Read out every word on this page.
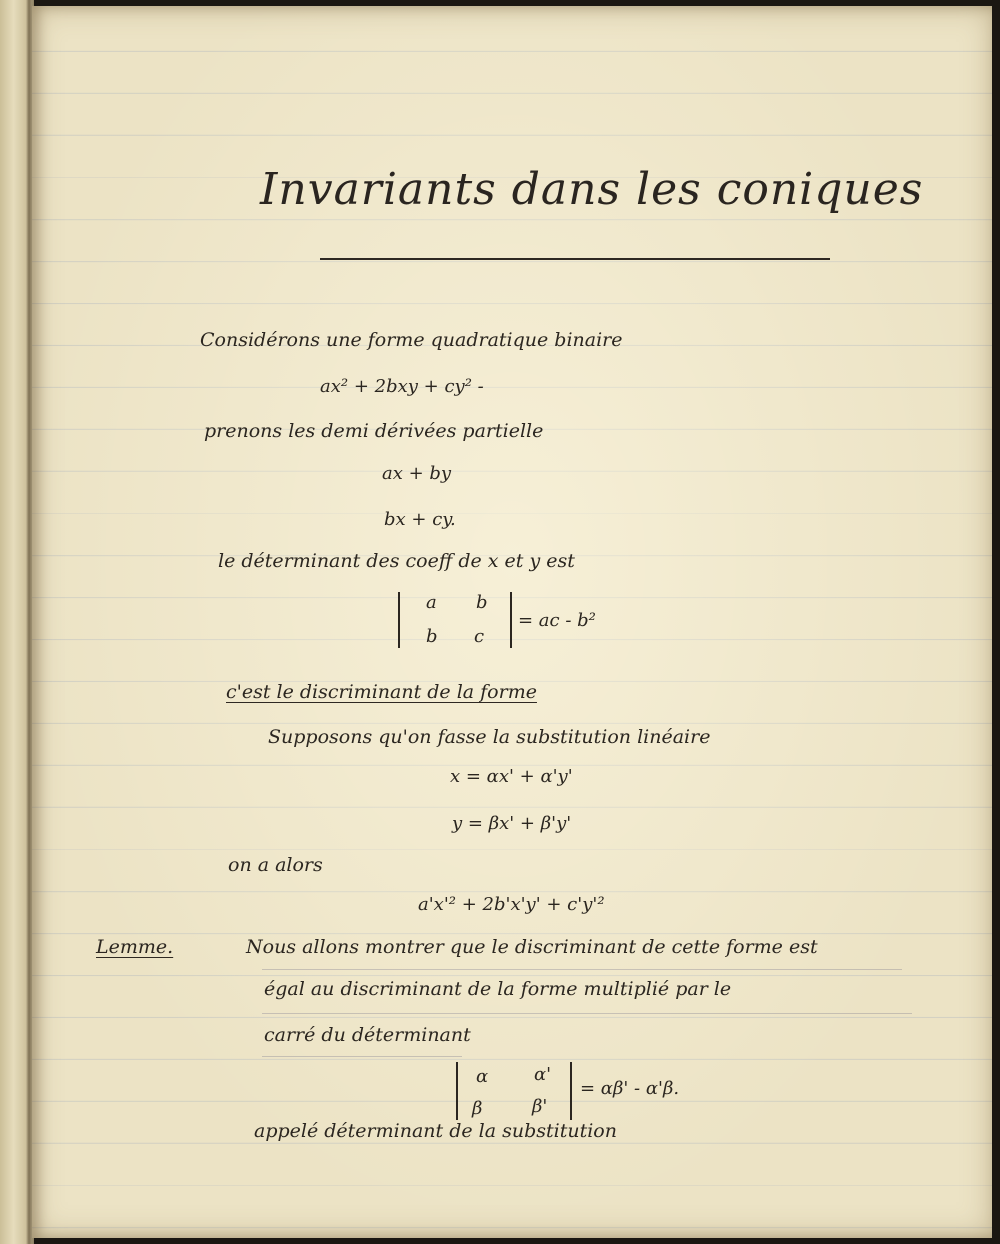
Invariants dans les coniques
Considérons une forme quadratique binaire
ax² + 2bxy + cy² -
prenons les demi dérivées partielle
ax + by
bx + cy.
le déterminant des coeff de x et y est
a b
b c
= ac - b²
c'est le discriminant de la forme
Supposons qu'on fasse la substitution linéaire
x = αx' + α'y'
y = βx' + β'y'
on a alors
a'x'² + 2b'x'y' + c'y'²
Lemme.	Nous allons montrer que le discriminant de cette forme est
égal au discriminant de la forme multiplié par le
carré du déterminant
α	α'
β	β'
= αβ' - α'β.
appelé déterminant de la substitution
